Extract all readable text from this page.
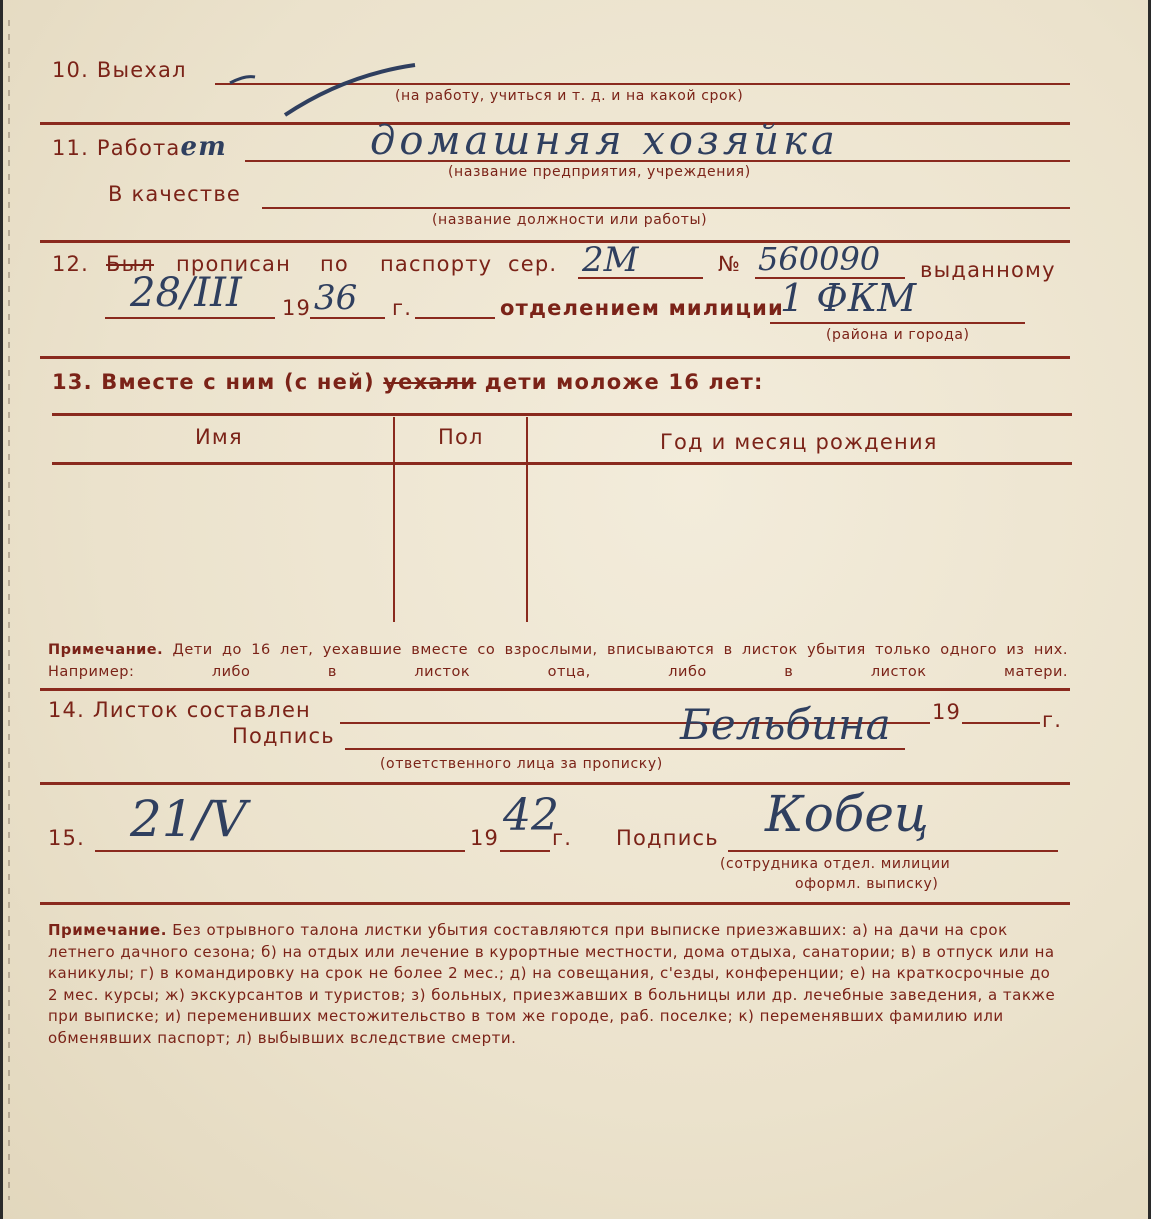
10. Выехал
(на работу, учиться и т. д. и на какой срок)
11. Работает	домашняя хозяйка
(название предприятия, учреждения)
В качестве
(название должности или работы)
12. Был прописан по паспорту сер. 2М	№ 560090 выданному
28/III 19 36 г.	отделением милиции
1 ФКМ
(района и города)
13. Вместе с ним (с ней) уехали дети моложе 16 лет:
Имя	Пол	Год и месяц рождения
Примечание. Дети до 16 лет, уехавшие вместе со взрослыми, вписываются в листок убытия только одного из них. Например: либо в листок отца, либо в листок матери.
14. Листок составлен	19	г.
Подпись	Бельбина
(ответственного лица за прописку)
15. 21/V	19 42
г. Подпись Кобец
(сотрудника отдел. милиции
оформл. выписку)
Примечание. Без отрывного талона листки убытия составляются при выписке приезжавших: а) на дачи на срок летнего дачного сезона; б) на отдых или лечение в курортные местности, дома отдыха, санатории; в) в отпуск или на каникулы; г) в командировку на срок не более 2 мес.; д) на совещания, с'езды, конференции; е) на краткосрочные до 2 мес. курсы; ж) экскурсантов и туристов; з) больных, приезжавших в больницы или др. лечебные заведения, а также при выписке; и) переменивших местожительство в том же городе, раб. поселке; к) переменявших фамилию или обменявших паспорт; л) выбывших вследствие смерти.
